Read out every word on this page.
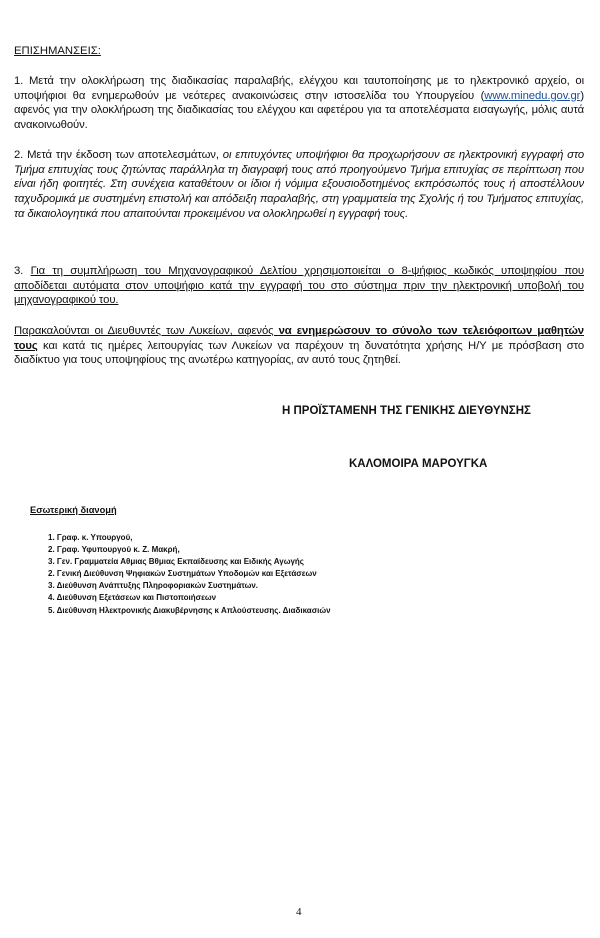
ΕΠΙΣΗΜΑΝΣΕΙΣ:
1. Μετά την ολοκλήρωση της διαδικασίας παραλαβής, ελέγχου και ταυτοποίησης με το ηλεκτρονικό αρχείο, οι υποψήφιοι θα ενημερωθούν με νεότερες ανακοινώσεις στην ιστοσελίδα του Υπουργείου (www.minedu.gov.gr) αφενός για την ολοκλήρωση της διαδικασίας του ελέγχου και αφετέρου για τα αποτελέσματα εισαγωγής, μόλις αυτά ανακοινωθούν.
2. Μετά την έκδοση των αποτελεσμάτων, οι επιτυχόντες υποψήφιοι θα προχωρήσουν σε ηλεκτρονική εγγραφή στο Τμήμα επιτυχίας τους ζητώντας παράλληλα τη διαγραφή τους από προηγούμενο Τμήμα επιτυχίας σε περίπτωση που είναι ήδη φοιτητές. Στη συνέχεια καταθέτουν οι ίδιοι ή νόμιμα εξουσιοδοτημένος εκπρόσωπός τους ή αποστέλλουν ταχυδρομικά με συστημένη επιστολή και απόδειξη παραλαβής, στη γραμματεία της Σχολής ή του Τμήματος επιτυχίας, τα δικαιολογητικά που απαιτούνται προκειμένου να ολοκληρωθεί η εγγραφή τους.
3. Για τη συμπλήρωση του Μηχανογραφικού Δελτίου χρησιμοποιείται ο 8-ψήφιος κωδικός υποψηφίου που αποδίδεται αυτόματα στον υποψήφιο κατά την εγγραφή του στο σύστημα πριν την ηλεκτρονική υποβολή του μηχανογραφικού του.
Παρακαλούνται οι Διευθυντές των Λυκείων, αφενός να ενημερώσουν το σύνολο των τελειόφοιτων μαθητών τους και κατά τις ημέρες λειτουργίας των Λυκείων να παρέχουν τη δυνατότητα χρήσης Η/Υ με πρόσβαση στο διαδίκτυο για τους υποψηφίους της ανωτέρω κατηγορίας, αν αυτό τους ζητηθεί.
Η ΠΡΟΪΣΤΑΜΕΝΗ ΤΗΣ ΓΕΝΙΚΗΣ ΔΙΕΥΘΥΝΣΗΣ
ΚΑΛΟΜΟΙΡΑ ΜΑΡΟΥΓΚΑ
Εσωτερική διανομή
1. Γραφ. κ. Υπουργού,
2. Γραφ. Υφυπουργού κ. Ζ. Μακρή,
3. Γεν. Γραμματεία Αθμιας Βθμιας Εκπαίδευσης και Ειδικής Αγωγής
2. Γενική Διεύθυνση Ψηφιακών Συστημάτων Υποδομών και Εξετάσεων
3. Διεύθυνση Ανάπτυξης Πληροφοριακών Συστημάτων.
4. Διεύθυνση Εξετάσεων και Πιστοποιήσεων
5. Διεύθυνση Ηλεκτρονικής Διακυβέρνησης κ Απλούστευσης. Διαδικασιών
4
